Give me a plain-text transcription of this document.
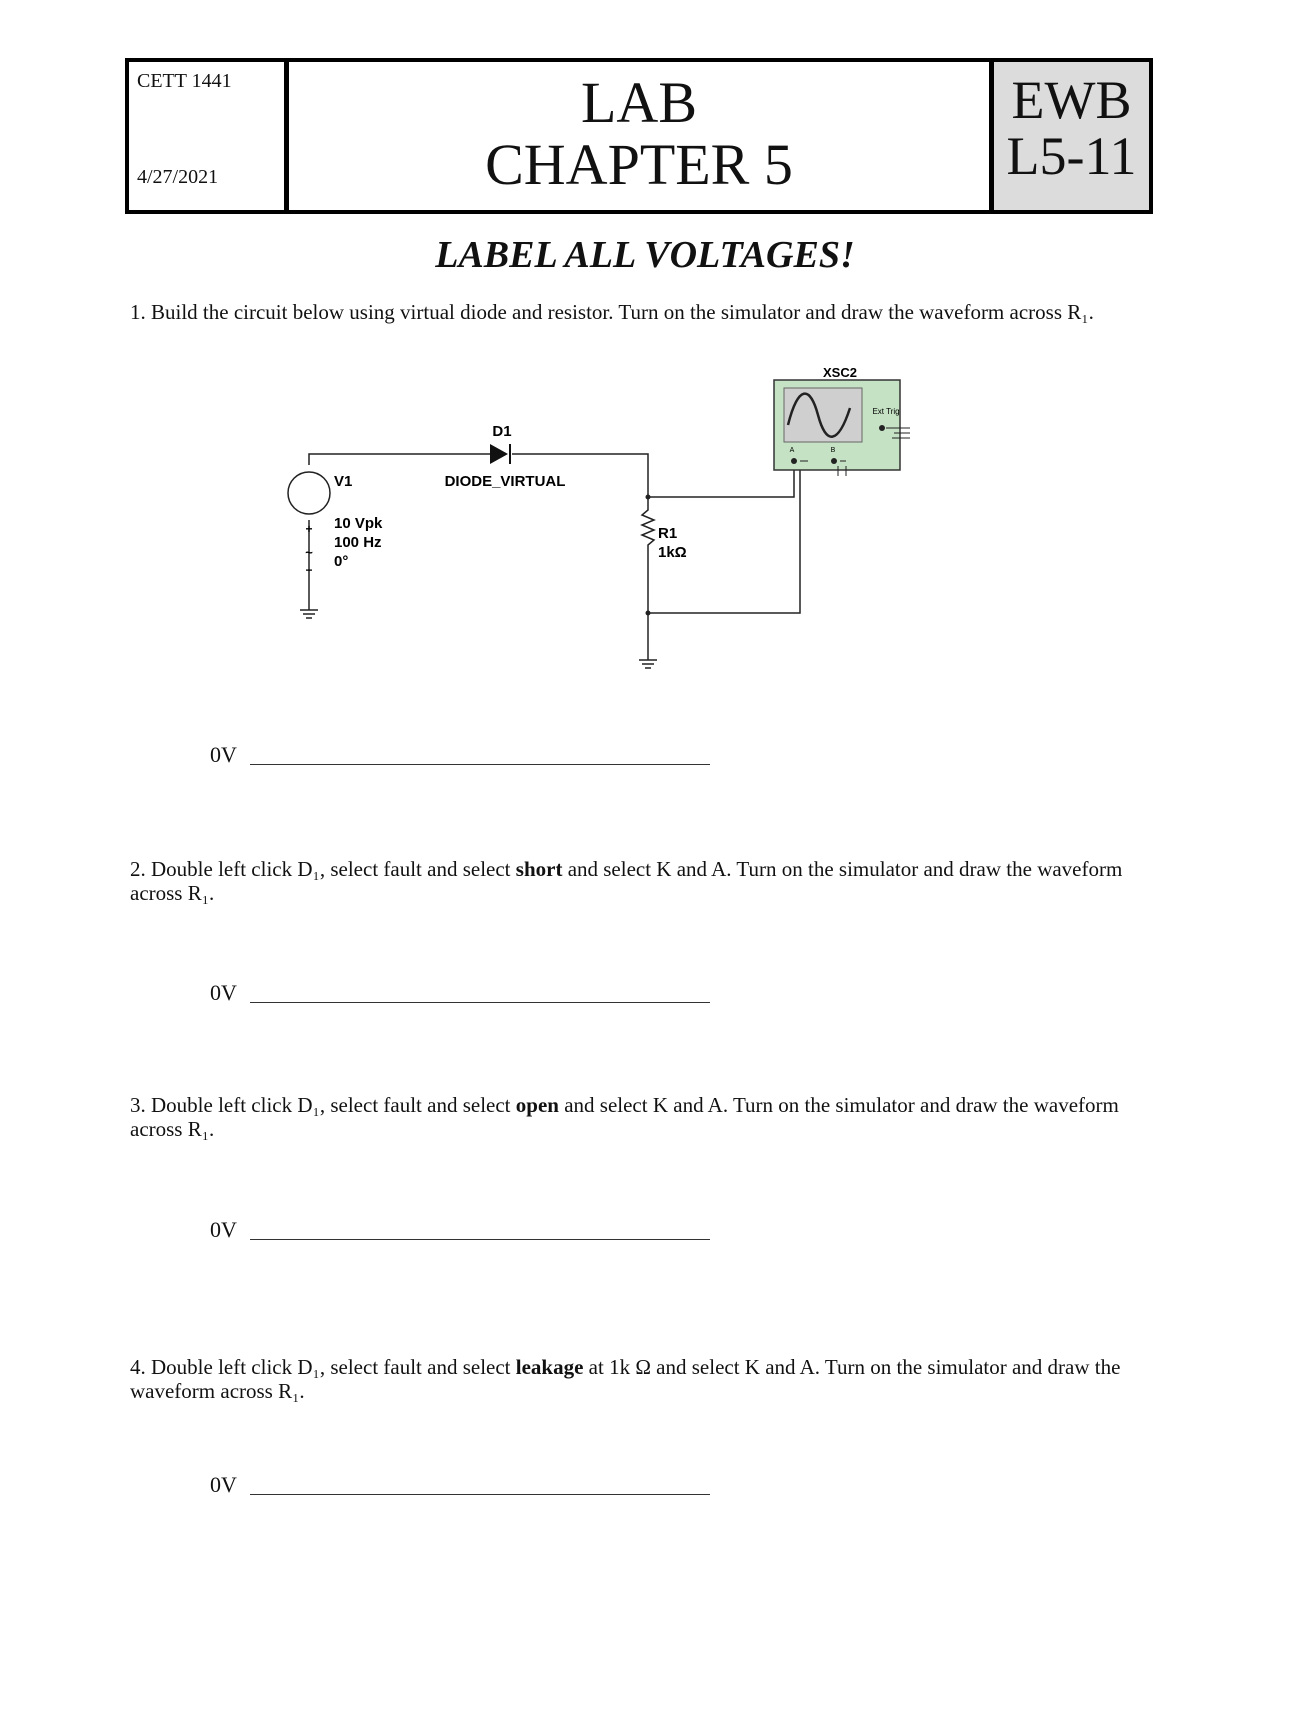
CETT 1441
4/27/2021
LAB
CHAPTER 5
EWB
L5-11
LABEL ALL VOLTAGES!
1. Build the circuit below using virtual diode and resistor. Turn on the simulator and draw the waveform across R₁.
XSC2
Ext Trig
A	B
D1
DIODE_VIRTUAL
V1
10 Vpk
100 Hz
0°
+
~
−
R1
1kΩ
0V
2. Double left click D₁, select fault and select short and select K and A. Turn on the simulator and draw the waveform across R₁.
0V
3. Double left click D₁, select fault and select open and select K and A. Turn on the simulator and draw the waveform across R₁.
0V
4. Double left click D₁, select fault and select leakage at 1k Ω and select K and A. Turn on the simulator and draw the waveform across R₁.
0V
